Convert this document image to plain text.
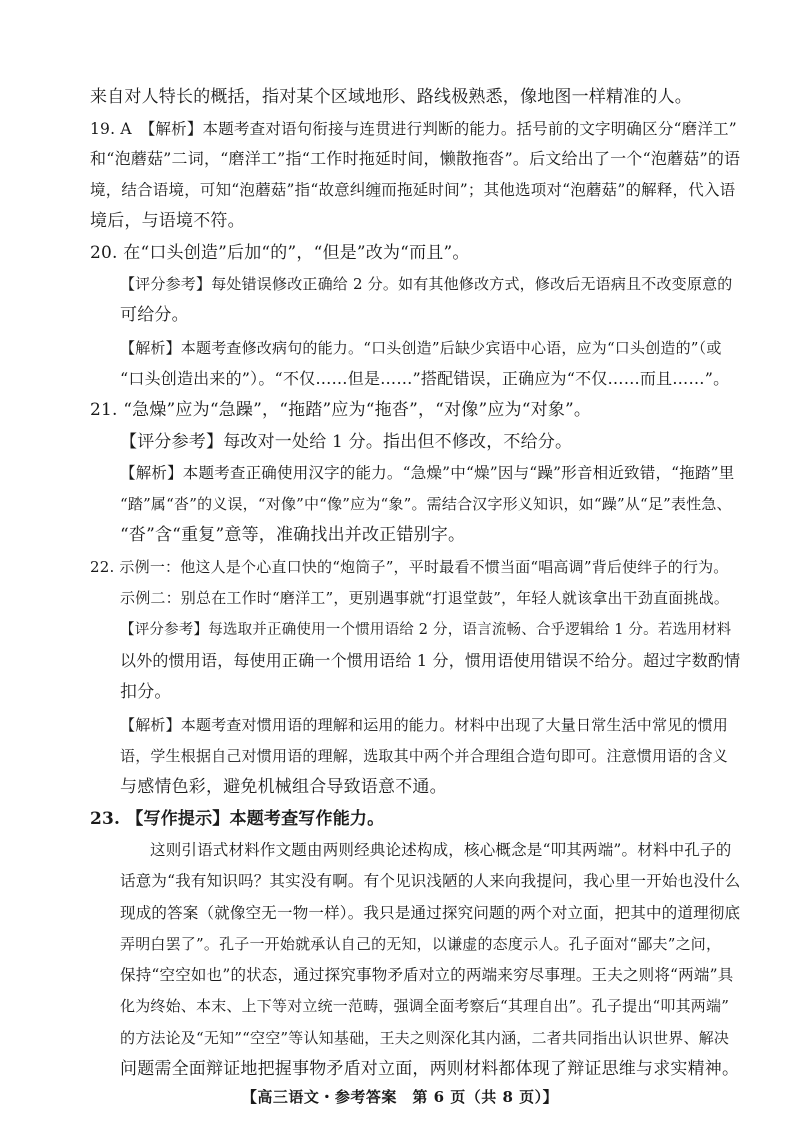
来自对人特长的概括，指对某个区域地形、路线极熟悉，像地图一样精准的人。
19. A　【解析】本题考查对语句衔接与连贯进行判断的能力。括号前的文字明确区分“磨洋工”
和“泡蘑菇”二词，“磨洋工”指“工作时拖延时间，懒散拖沓”。后文给出了一个“泡蘑菇”的语
境，结合语境，可知“泡蘑菇”指“故意纠缠而拖延时间”；其他选项对“泡蘑菇”的解释，代入语
境后，与语境不符。
20. 在“口头创造”后加“的”，“但是”改为“而且”。
【评分参考】每处错误修改正确给 2 分。如有其他修改方式，修改后无语病且不改变原意的
可给分。
【解析】本题考查修改病句的能力。“口头创造”后缺少宾语中心语，应为“口头创造的”（或
“口头创造出来的”）。“不仅……但是……”搭配错误，正确应为“不仅……而且……”。
21. “急燥”应为“急躁”，“拖踏”应为“拖沓”，“对像”应为“对象”。
【评分参考】每改对一处给 1 分。指出但不修改，不给分。
【解析】本题考查正确使用汉字的能力。“急燥”中“燥”因与“躁”形音相近致错，“拖踏”里
“踏”属“沓”的义误，“对像”中“像”应为“象”。需结合汉字形义知识，如“躁”从“足”表性急、
“沓”含“重复”意等，准确找出并改正错别字。
22. 示例一：他这人是个心直口快的“炮筒子”，平时最看不惯当面“唱高调”背后使绊子的行为。
示例二：别总在工作时“磨洋工”，更别遇事就“打退堂鼓”，年轻人就该拿出干劲直面挑战。
【评分参考】每选取并正确使用一个惯用语给 2 分，语言流畅、合乎逻辑给 1 分。若选用材料
以外的惯用语，每使用正确一个惯用语给 1 分，惯用语使用错误不给分。超过字数酌情
扣分。
【解析】本题考查对惯用语的理解和运用的能力。材料中出现了大量日常生活中常见的惯用
语，学生根据自己对惯用语的理解，选取其中两个并合理组合造句即可。注意惯用语的含义
与感情色彩，避免机械组合导致语意不通。
23. 【写作提示】本题考查写作能力。
这则引语式材料作文题由两则经典论述构成，核心概念是“叩其两端”。材料中孔子的
话意为“我有知识吗？其实没有啊。有个见识浅陋的人来向我提问，我心里一开始也没什么
现成的答案（就像空无一物一样）。我只是通过探究问题的两个对立面，把其中的道理彻底
弄明白罢了”。孔子一开始就承认自己的无知，以谦虚的态度示人。孔子面对“鄙夫”之问，
保持“空空如也”的状态，通过探究事物矛盾对立的两端来穷尽事理。王夫之则将“两端”具
化为终始、本末、上下等对立统一范畴，强调全面考察后“其理自出”。孔子提出“叩其两端”
的方法论及“无知”“空空”等认知基础，王夫之则深化其内涵，二者共同指出认识世界、解决
问题需全面辩证地把握事物矛盾对立面，两则材料都体现了辩证思维与求实精神。
【高三语文・参考答案　第 6 页（共 8 页）】
